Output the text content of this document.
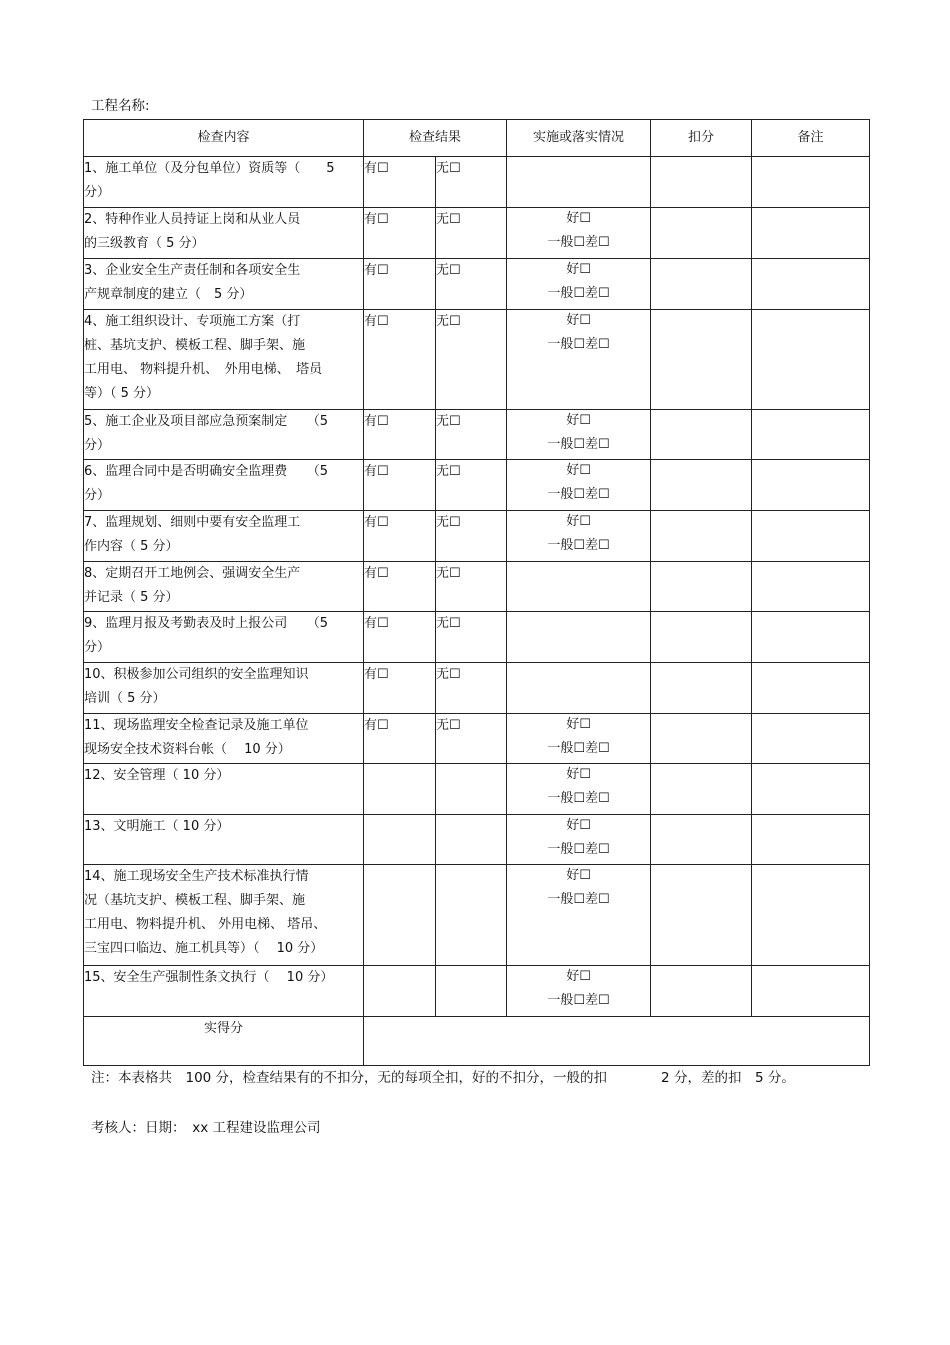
工程名称:
检查内容	检查结果		实施或落实情况	扣分	备注

1、施工单位（及分包单位）资质等（　　5
分）	有☐	无☐			

2、特种作业人员持证上岗和从业人员
的三级教育（ 5 分）	有☐	无☐	好☐
一般☐差☐		

3、企业安全生产责任制和各项安全生
产规章制度的建立（　5 分）	有☐	无☐	好☐
一般☐差☐		

4、施工组织设计、专项施工方案（打
桩、基坑支护、模板工程、脚手架、施
工用电、 物料提升机、　外用电梯、　塔员
等）（ 5 分）	有☐	无☐	好☐
一般☐差☐		

5、施工企业及项目部应急预案制定　　（5
分）	有☐	无☐	好☐
一般☐差☐		

6、监理合同中是否明确安全监理费　　（5
分）	有☐	无☐	好☐
一般☐差☐		

7、监理规划、细则中要有安全监理工
作内容（ 5 分）	有☐	无☐	好☐
一般☐差☐		

8、定期召开工地例会、强调安全生产
并记录（ 5 分）	有☐	无☐			

9、监理月报及考勤表及时上报公司　　（5
分）	有☐	无☐			

10、积极参加公司组织的安全监理知识
培训（ 5 分）	有☐	无☐			

11、现场监理安全检查记录及施工单位
现场安全技术资料台帐（　 10 分）	有☐	无☐	好☐
一般☐差☐		

12、安全管理（ 10 分）			好☐
一般☐差☐		

13、文明施工（ 10 分）			好☐
一般☐差☐		

14、施工现场安全生产技术标准执行情
况（基坑支护、模板工程、脚手架、施
工用电、物料提升机、 外用电梯、 塔吊、
三宝四口临边、施工机具等）（　 10 分）			好☐
一般☐差☐		

15、安全生产强制性条文执行（　 10 分）			好☐
一般☐差☐		

实得分					
注：本表格共　100 分，检查结果有的不扣分，无的每项全扣，好的不扣分，一般的扣　　　　2 分，差的扣　5 分。
考核人：日期：　xx 工程建设监理公司
